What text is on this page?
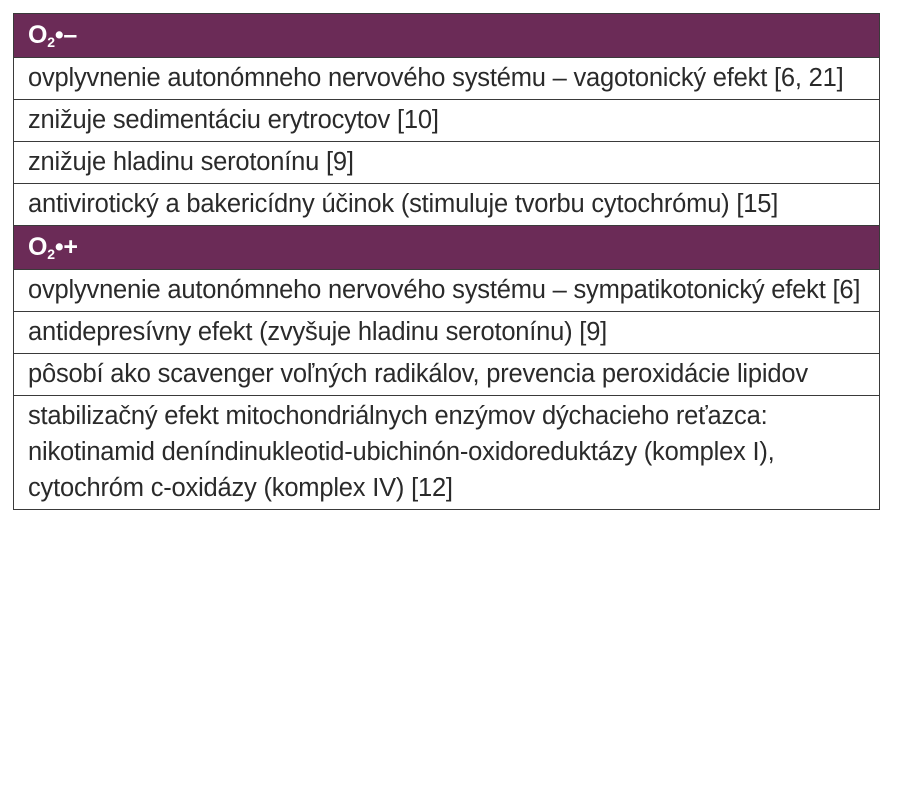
$O_2•-$
ovplyvnenie autonómneho nervového systému – vagotonický efekt [6, 21]
znižuje sedimentáciu erytrocytov [10]
znižuje hladinu serotonínu [9]
antivirotický a bakericídny účinok (stimuluje tvorbu cytochrómu) [15]
$O_2•+$
ovplyvnenie autonómneho nervového systému – sympatikotonický efekt [6]
antidepresívny efekt (zvyšuje hladinu serotonínu) [9]
pôsobí ako scavenger voľných radikálov, prevencia peroxidácie lipidov
stabilizačný efekt mitochondriálnych enzýmov dýchacieho reťazca: nikotinamid deníndinukleotid-ubichinón-oxidoreduktázy (komplex I), cytochróm c-oxidázy (komplex IV) [12]
